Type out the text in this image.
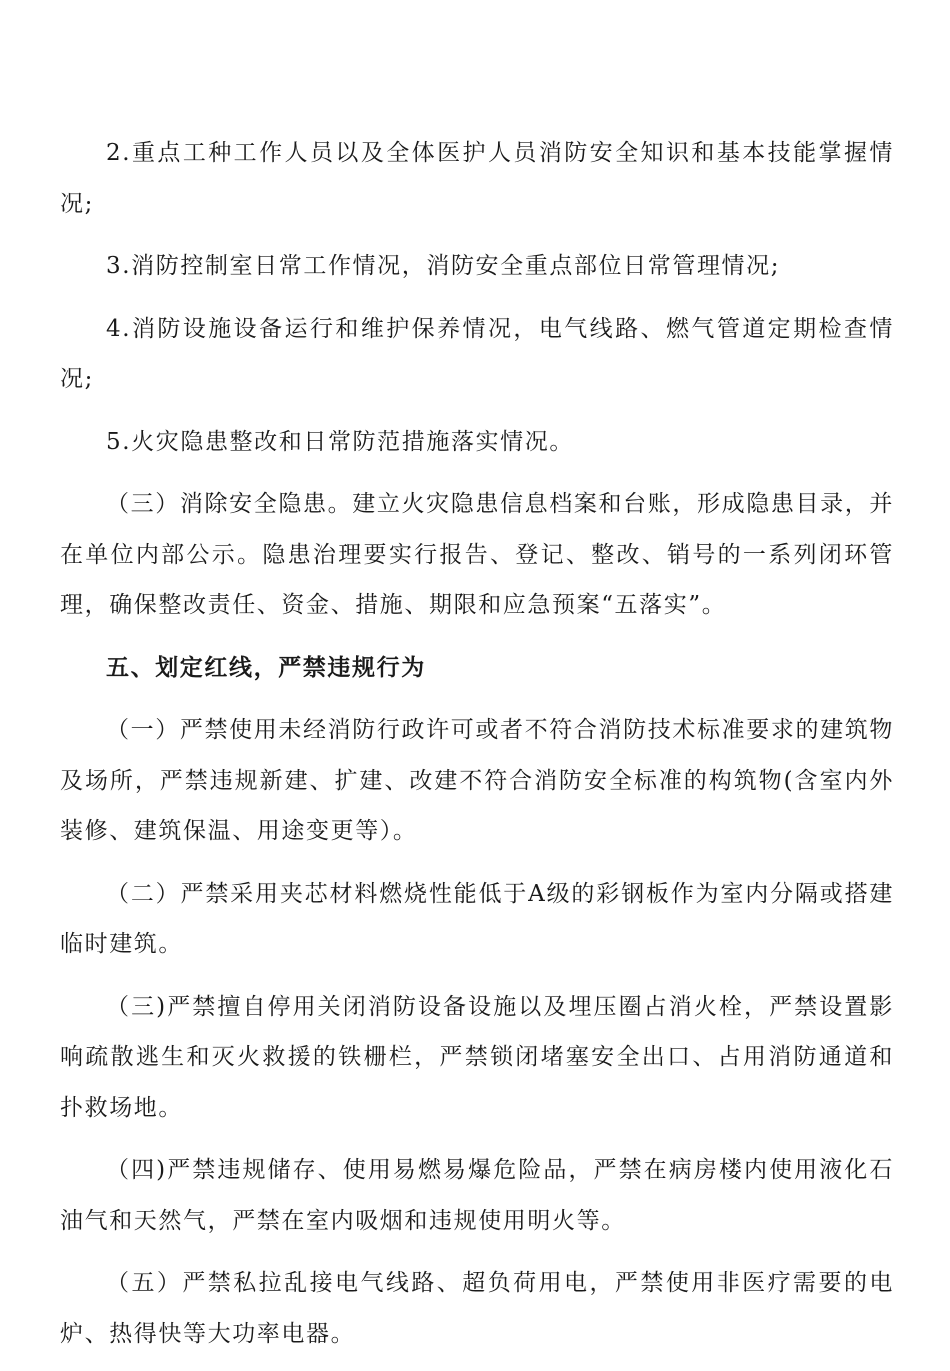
2.重点工种工作人员以及全体医护人员消防安全知识和基本技能掌握情况;

3.消防控制室日常工作情况，消防安全重点部位日常管理情况;

4.消防设施设备运行和维护保养情况，电气线路、燃气管道定期检查情况;

5.火灾隐患整改和日常防范措施落实情况。

（三）消除安全隐患。建立火灾隐患信息档案和台账，形成隐患目录，并在单位内部公示。隐患治理要实行报告、登记、整改、销号的一系列闭环管理，确保整改责任、资金、措施、期限和应急预案“五落实”。

五、划定红线，严禁违规行为

（一）严禁使用未经消防行政许可或者不符合消防技术标准要求的建筑物及场所，严禁违规新建、扩建、改建不符合消防安全标准的构筑物(含室内外装修、建筑保温、用途变更等）。

（二）严禁采用夹芯材料燃烧性能低于A级的彩钢板作为室内分隔或搭建临时建筑。

（三)严禁擅自停用关闭消防设备设施以及埋压圈占消火栓，严禁设置影响疏散逃生和灭火救援的铁栅栏，严禁锁闭堵塞安全出口、占用消防通道和扑救场地。

（四)严禁违规储存、使用易燃易爆危险品，严禁在病房楼内使用液化石油气和天然气，严禁在室内吸烟和违规使用明火等。

（五）严禁私拉乱接电气线路、超负荷用电，严禁使用非医疗需要的电炉、热得快等大功率电器。
